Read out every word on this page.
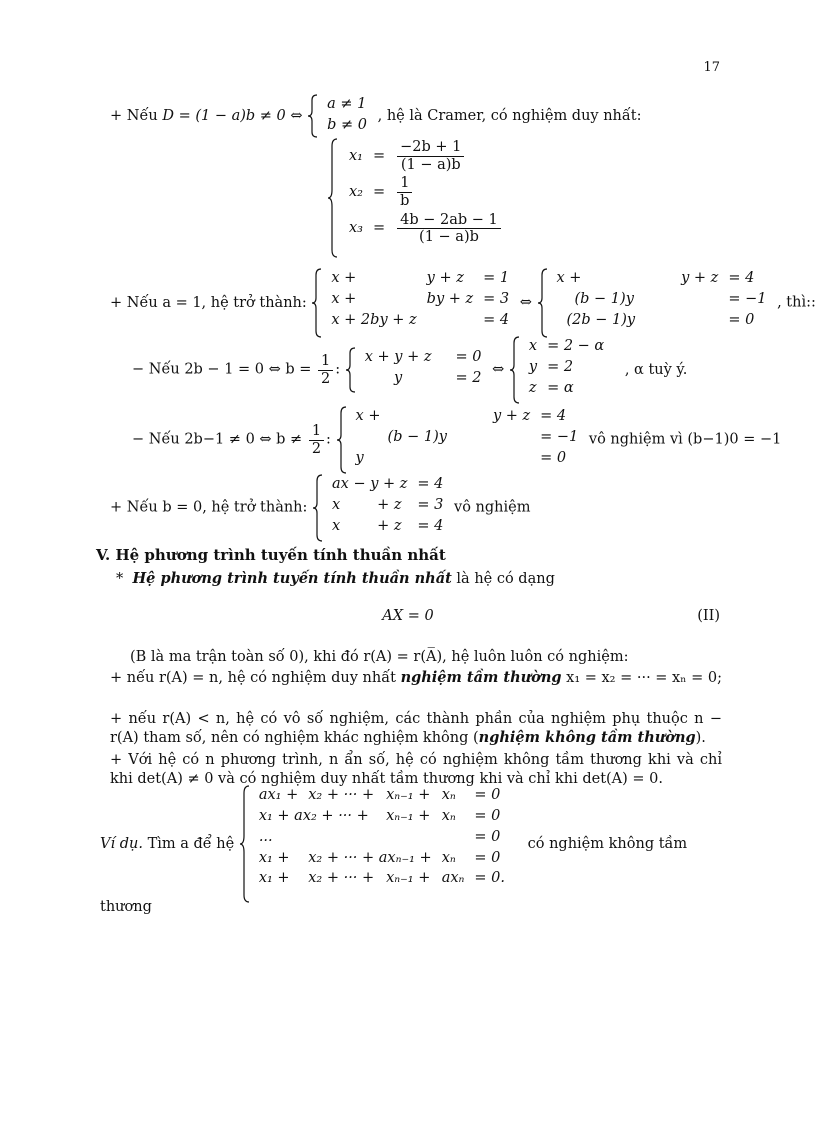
17
+ Nếu D = (1 − a)b ≠ 0 ⇔
a ≠ 1
b ≠ 0
, hệ là Cramer, có nghiệm duy nhất:
x₁	=	$\frac{-2b + 1}{(1 - a)b}$

x₂	=	$\frac{1}{b}$

x₃	=	$\frac{4b - 2ab - 1}{(1 - a)b}$
+ Nếu a = 1, hệ trở thành:
x +	y + z	= 1
x +	by + z	= 3
x + 2by + z		= 4
⇔
x +	y + z	= 4
(b − 1)y		= −1
(2b − 1)y		= 0
, thì::
− Nếu 2b − 1 = 0 ⇔ $b = \frac{1}{2}$ :
x + y + z	= 0
y	= 2
⇔
x	= 2 − α
y	= 2
z	= α
, α tuỳ ý.
− Nếu 2b−1 ≠ 0 ⇔ $b \ne \frac{1}{2}$ :
x +	y + z	= 4
(b − 1)y		= −1
y		= 0
vô nghiệm vì (b−1)0 = −1
+ Nếu b = 0, hệ trở thành:
ax − y + z	= 4
x        + z	= 3
x        + z	= 4
vô nghiệm
V. Hệ phương trình tuyến tính thuần nhất
* Hệ phương trình tuyến tính thuần nhất là hệ có dạng
AX = 0	(II)
(B là ma trận toàn số 0), khi đó r(A) = r(A̅), hệ luôn luôn có nghiệm:
+ nếu r(A) = n, hệ có nghiệm duy nhất nghiệm tầm thường x₁ = x₂ = ··· = xₙ = 0;
+ nếu r(A) < n, hệ có vô số nghiệm, các thành phần của nghiệm phụ thuộc n − r(A) tham số, nên có nghiệm khác nghiệm không (nghiệm không tầm thường).
+ Với hệ có n phương trình, n ẩn số, hệ có nghiệm không tầm thương khi và chỉ khi det(A) ≠ 0 và có nghiệm duy nhất tầm thương khi và chỉ khi det(A) = 0.
Ví dụ. Tìm a để hệ
ax₁ +	x₂ + ··· +	xₙ₋₁ +	xₙ	= 0
x₁ + ax₂ + ··· +		xₙ₋₁ +	xₙ	= 0
...				= 0
x₁ +	x₂ + ··· + axₙ₋₁ +		xₙ	= 0
x₁ +	x₂ + ··· +	xₙ₋₁ +	axₙ	= 0.
có nghiệm không tầm
thương
